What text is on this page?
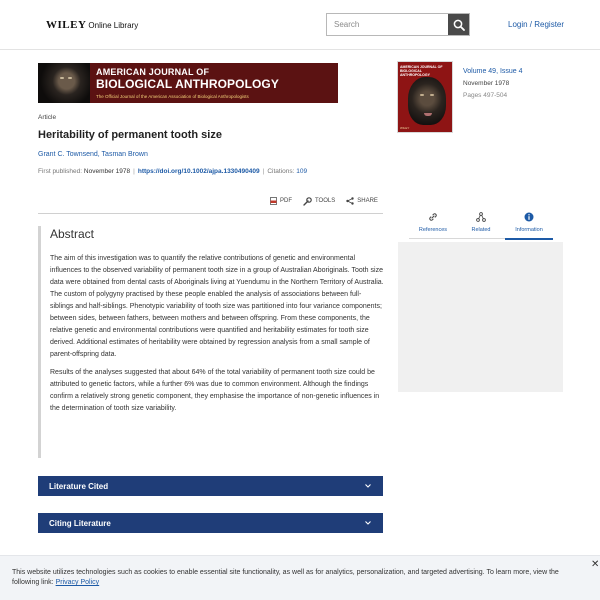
WILEY Online Library
Search	Login / Register
AMERICAN JOURNAL OF
BIOLOGICAL ANTHROPOLOGY
The Official Journal of the American Association of Biological Anthropologists
Article
Heritability of permanent tooth size
Grant C. Townsend, Tasman Brown
First published: November 1978 | https://doi.org/10.1002/ajpa.1330490409 | Citations: 109
PDF	TOOLS	SHARE
Abstract

The aim of this investigation was to quantify the relative contributions of genetic and environmental influences to the observed variability of permanent tooth size in a group of Australian Aboriginals. Tooth size data were obtained from dental casts of Aboriginals living at Yuendumu in the Northern Territory of Australia. The custom of polygyny practised by these people enabled the analysis of associations between full-siblings and half-siblings. Phenotypic variability of tooth size was partitioned into four variance components; between sides, between fathers, between mothers and between offspring. From these components, the relative genetic and environmental contributions were quantified and heritability estimates for tooth size derived. Additional estimates of heritability were obtained by regression analysis from a small sample of parent-offspring data.

Results of the analyses suggested that about 64% of the total variability of permanent tooth size could be attributed to genetic factors, while a further 6% was due to common environment. Although the findings confirm a relatively strong genetic component, they emphasise the importance of non-genetic influences in the determination of tooth size variability.

Literature Cited
Citing Literature
AMERICAN JOURNAL OF BIOLOGICAL ANTHROPOLOGY
WILEY
Volume 49, Issue 4
November 1978
Pages 497-504
References	Related	Information
This website utilizes technologies such as cookies to enable essential site functionality, as well as for analytics, personalization, and targeted advertising. To learn more, view the following link: Privacy Policy
✕
